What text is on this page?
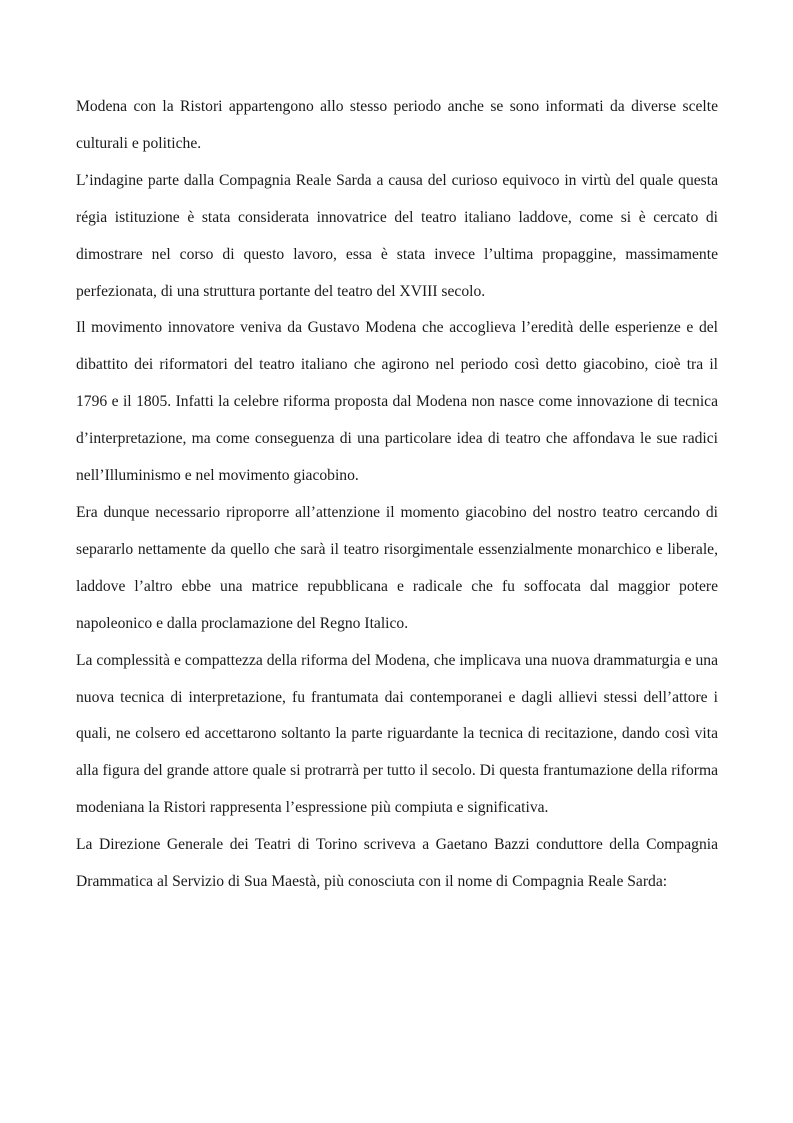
Modena con la Ristori appartengono allo stesso periodo anche se sono informati da diverse scelte culturali e politiche.

L’indagine parte dalla Compagnia Reale Sarda a causa del curioso equivoco in virtù del quale questa régia istituzione è stata considerata innovatrice del teatro italiano laddove, come si è cercato di dimostrare nel corso di questo lavoro, essa è stata invece l’ultima propaggine, massimamente perfezionata, di una struttura portante del teatro del XVIII secolo.

Il movimento innovatore veniva da Gustavo Modena che accoglieva l’eredità delle esperienze e del dibattito dei riformatori del teatro italiano che agirono nel periodo così detto giacobino, cioè tra il 1796 e il 1805. Infatti la celebre riforma proposta dal Modena non nasce come innovazione di tecnica d’interpretazione, ma come conseguenza di una particolare idea di teatro che affondava le sue radici nell’Illuminismo e nel movimento giacobino.

Era dunque necessario riproporre all’attenzione il momento giacobino del nostro teatro cercando di separarlo nettamente da quello che sarà il teatro risorgimentale essenzialmente monarchico e liberale, laddove l’altro ebbe una matrice repubblicana e radicale che fu soffocata dal maggior potere napoleonico e dalla proclamazione del Regno Italico.

La complessità e compattezza della riforma del Modena, che implicava una nuova drammaturgia e una nuova tecnica di interpretazione, fu frantumata dai contemporanei e dagli allievi stessi dell’attore i quali, ne colsero ed accettarono soltanto la parte riguardante la tecnica di recitazione, dando così vita alla figura del grande attore quale si protrarrà per tutto il secolo. Di questa frantumazione della riforma modeniana la Ristori rappresenta l’espressione più compiuta e significativa.

La Direzione Generale dei Teatri di Torino scriveva a Gaetano Bazzi conduttore della Compagnia Drammatica al Servizio di Sua Maestà, più conosciuta con il nome di Compagnia Reale Sarda:
